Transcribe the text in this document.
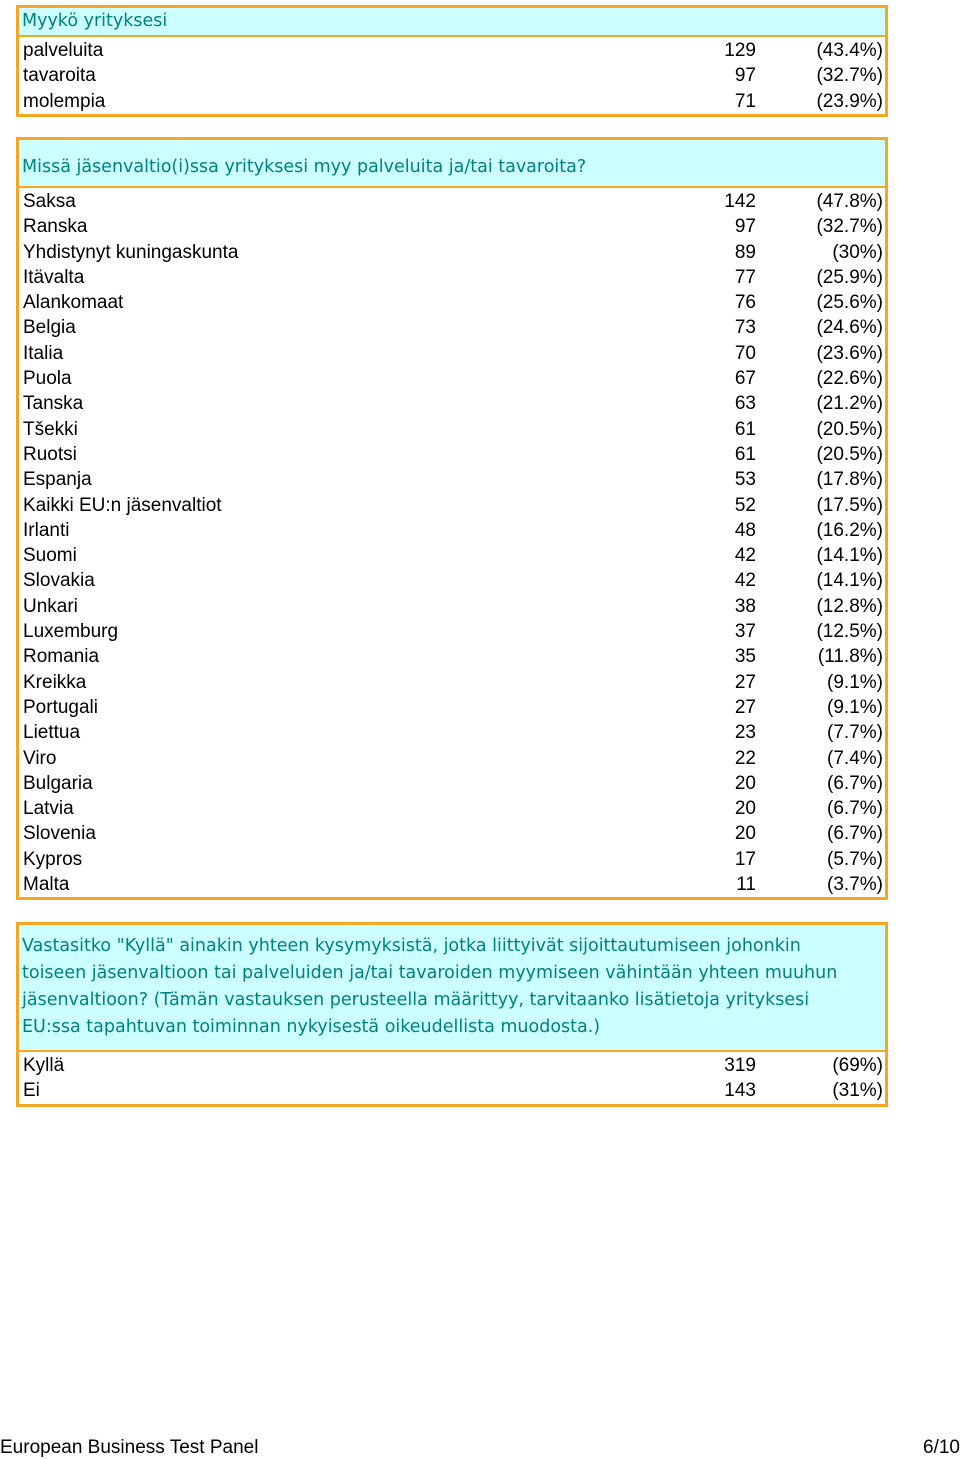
Myykö yrityksesi
palveluita	129	(43.4%)
tavaroita	97	(32.7%)
molempia	71	(23.9%)
Missä jäsenvaltio(i)ssa yrityksesi myy palveluita ja/tai tavaroita?
Saksa	142	(47.8%)
Ranska	97	(32.7%)
Yhdistynyt kuningaskunta	89	(30%)
Itävalta	77	(25.9%)
Alankomaat	76	(25.6%)
Belgia	73	(24.6%)
Italia	70	(23.6%)
Puola	67	(22.6%)
Tanska	63	(21.2%)
Tšekki	61	(20.5%)
Ruotsi	61	(20.5%)
Espanja	53	(17.8%)
Kaikki EU:n jäsenvaltiot	52	(17.5%)
Irlanti	48	(16.2%)
Suomi	42	(14.1%)
Slovakia	42	(14.1%)
Unkari	38	(12.8%)
Luxemburg	37	(12.5%)
Romania	35	(11.8%)
Kreikka	27	(9.1%)
Portugali	27	(9.1%)
Liettua	23	(7.7%)
Viro	22	(7.4%)
Bulgaria	20	(6.7%)
Latvia	20	(6.7%)
Slovenia	20	(6.7%)
Kypros	17	(5.7%)
Malta	11	(3.7%)
Vastasitko "Kyllä" ainakin yhteen kysymyksistä, jotka liittyivät sijoittautumiseen johonkin
toiseen jäsenvaltioon tai palveluiden ja/tai tavaroiden myymiseen vähintään yhteen muuhun
jäsenvaltioon? (Tämän vastauksen perusteella määrittyy, tarvitaanko lisätietoja yrityksesi
EU:ssa tapahtuvan toiminnan nykyisestä oikeudellista muodosta.)
Kyllä	319	(69%)
Ei	143	(31%)
European Business Test Panel	6/10
